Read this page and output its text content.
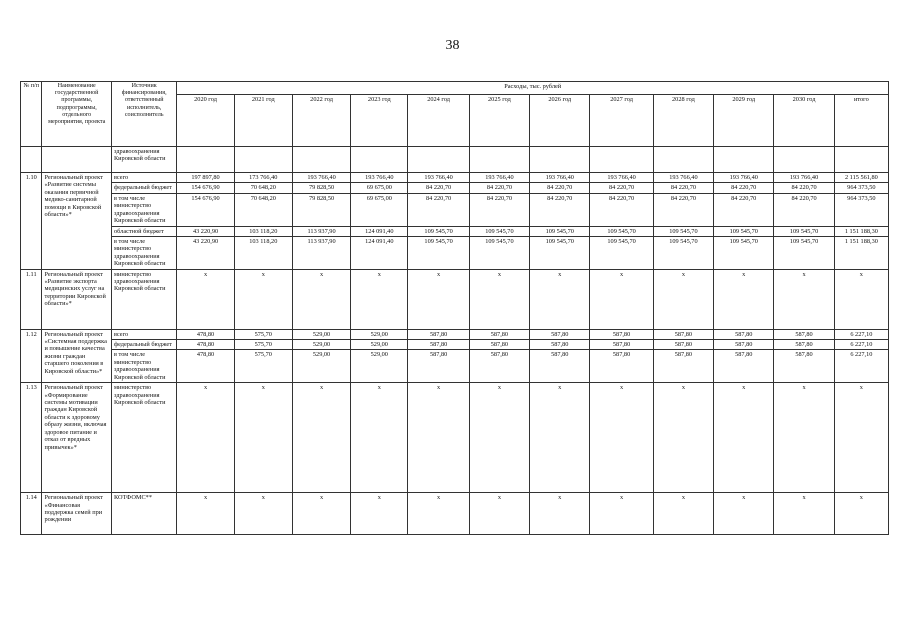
38
№ п/п	Наименование государственной программы, подпрограммы, отдельного мероприятия, проекта	Источник финансирования, ответственный исполнитель, соисполнитель	Расходы, тыс. рублей											
			2020 год	2021 год	2022 год	2023 год	2024 год	2025 год	2026 год	2027 год	2028 год	2029 год	2030 год	итого
		здравоохранения Кировской области												
1.10	Региональный проект «Развитие системы оказания первичной медико-санитарной помощи в Кировской области»*	всего	197 897,80	173 766,40	193 766,40	193 766,40	193 766,40	193 766,40	193 766,40	193 766,40	193 766,40	193 766,40	193 766,40	2 115 561,80
		федеральный бюджет	154 676,90	70 648,20	79 828,50	69 675,00	84 220,70	84 220,70	84 220,70	84 220,70	84 220,70	84 220,70	84 220,70	964 373,50
		в том числе министерство здравоохранения Кировской области	154 676,90	70 648,20	79 828,50	69 675,00	84 220,70	84 220,70	84 220,70	84 220,70	84 220,70	84 220,70	84 220,70	964 373,50
		областной бюджет	43 220,90	103 118,20	113 937,90	124 091,40	109 545,70	109 545,70	109 545,70	109 545,70	109 545,70	109 545,70	109 545,70	1 151 188,30
		в том числе министерство здравоохранения Кировской области	43 220,90	103 118,20	113 937,90	124 091,40	109 545,70	109 545,70	109 545,70	109 545,70	109 545,70	109 545,70	109 545,70	1 151 188,30
1.11	Региональный проект «Развитие экспорта медицинских услуг на территории Кировской области»*	министерство здравоохранения Кировской области	x	x	x	x	x	x	x	x	x	x	x	x
1.12	Региональный проект «Системная поддержка и повышение качества жизни граждан старшего поколения в Кировской области»*	всего	478,80	575,70	529,00	529,00	587,80	587,80	587,80	587,80	587,80	587,80	587,80	6 227,10
		федеральный бюджет	478,80	575,70	529,00	529,00	587,80	587,80	587,80	587,80	587,80	587,80	587,80	6 227,10
		в том числе министерство здравоохранения Кировской области	478,80	575,70	529,00	529,00	587,80	587,80	587,80	587,80	587,80	587,80	587,80	6 227,10
1.13	Региональный проект «Формирование системы мотивации граждан Кировской области к здоровому образу жизни, включая здоровое питание и отказ от вредных привычек»*	министерство здравоохранения Кировской области	x	x	x	x	x	x	x	x	x	x	x	x
1.14	Региональный проект «Финансовая поддержка семей при рождении	КОТФОМС**	x	x	x	x	x	x	x	x	x	x	x	x
